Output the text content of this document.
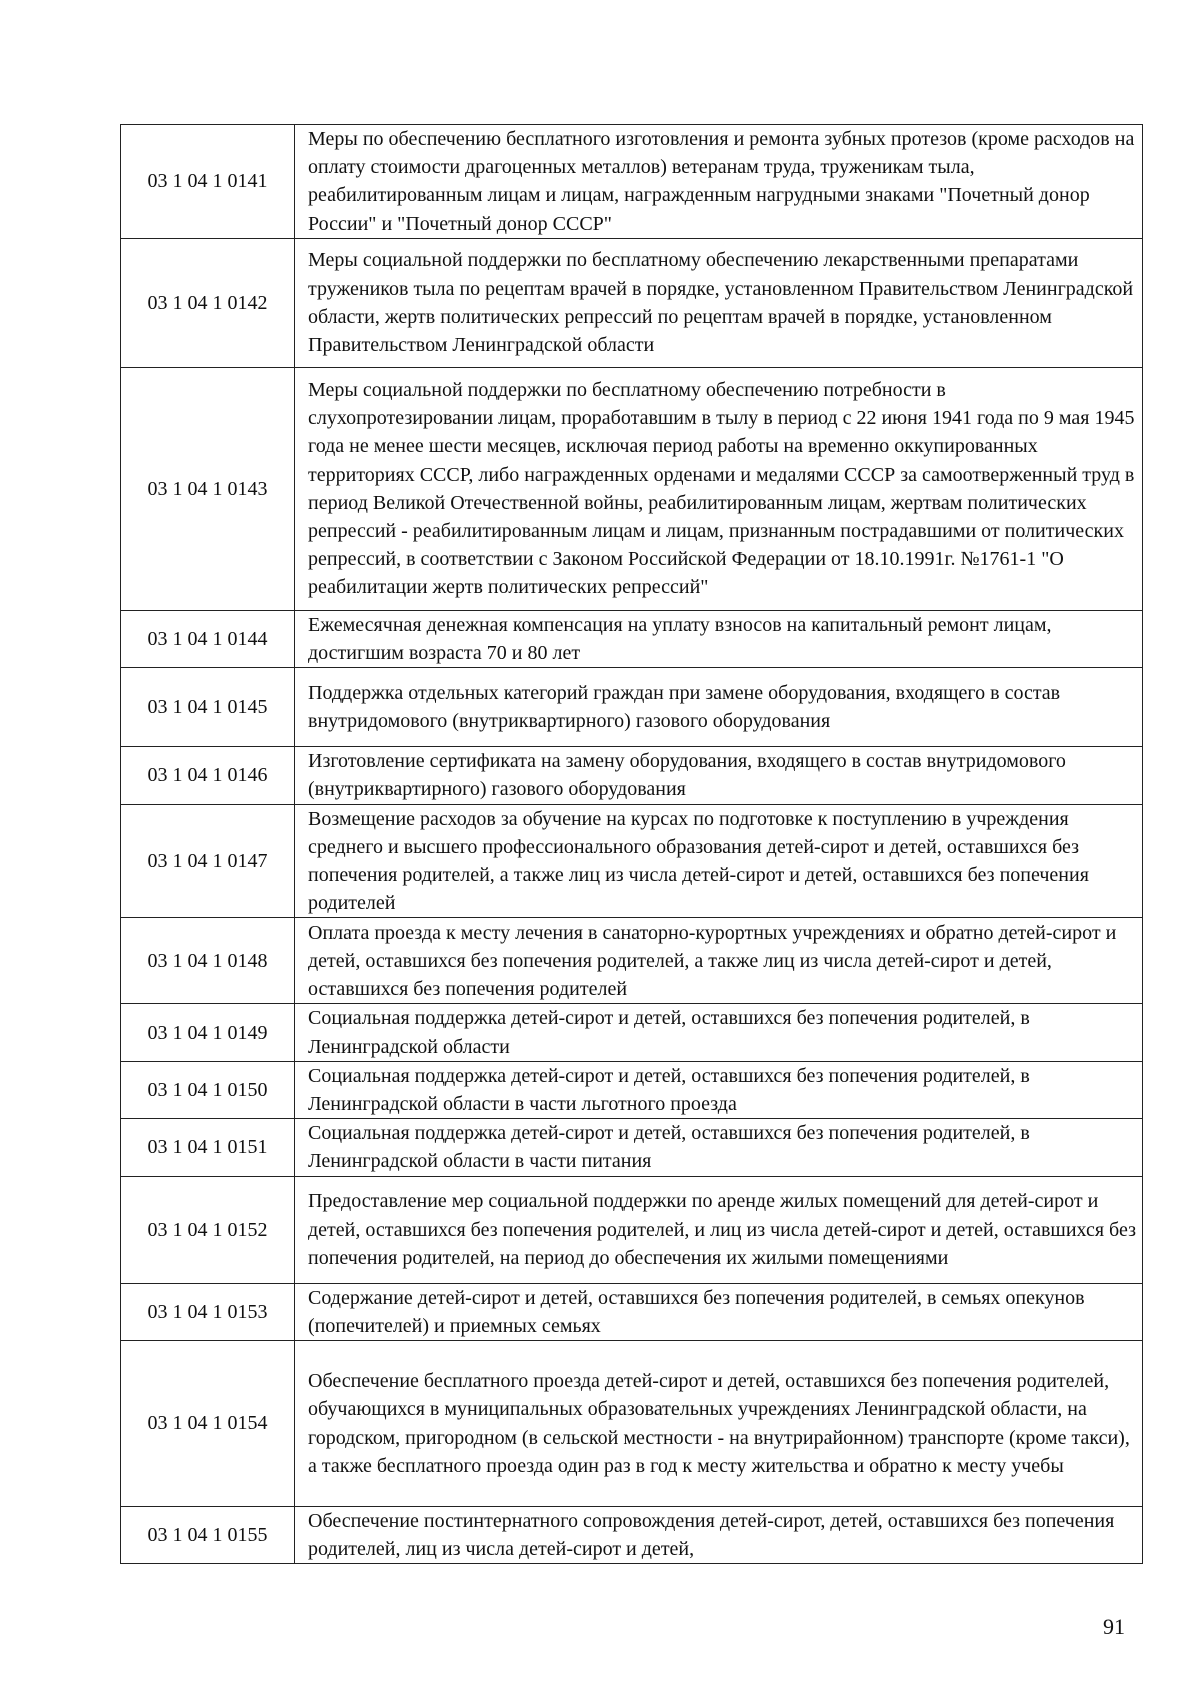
03 1 04 1 0141	Меры по обеспечению бесплатного изготовления и ремонта зубных протезов (кроме расходов на оплату стоимости драгоценных металлов) ветеранам труда, труженикам тыла, реабилитированным лицам и лицам, награжденным нагрудными знаками "Почетный донор России" и "Почетный донор СССР"
03 1 04 1 0142	Меры социальной поддержки по бесплатному обеспечению лекарственными препаратами тружеников тыла по рецептам врачей в порядке, установленном Правительством Ленинградской области, жертв политических репрессий по рецептам врачей в порядке, установленном Правительством Ленинградской области
03 1 04 1 0143	Меры социальной поддержки по бесплатному обеспечению потребности в слухопротезировании лицам, проработавшим в тылу в период с 22 июня 1941 года по 9 мая 1945 года не менее шести месяцев, исключая период работы на временно оккупированных территориях СССР, либо награжденных орденами и медалями СССР за самоотверженный труд в период Великой Отечественной войны, реабилитированным лицам, жертвам политических репрессий - реабилитированным лицам и лицам, признанным пострадавшими от политических репрессий, в соответствии с Законом Российской Федерации от 18.10.1991г. №1761-1 "О реабилитации жертв политических репрессий"
03 1 04 1 0144	Ежемесячная денежная компенсация на уплату взносов на капитальный ремонт лицам, достигшим возраста 70 и 80 лет
03 1 04 1 0145	Поддержка отдельных категорий граждан при замене оборудования, входящего в состав внутридомового (внутриквартирного) газового оборудования
03 1 04 1 0146	Изготовление сертификата на замену оборудования, входящего в состав внутридомового (внутриквартирного) газового оборудования
03 1 04 1 0147	Возмещение расходов за обучение на курсах по подготовке к поступлению в учреждения среднего и высшего профессионального образования детей-сирот и детей, оставшихся без попечения родителей, а также лиц из числа детей-сирот и детей, оставшихся без попечения родителей
03 1 04 1 0148	Оплата проезда к месту лечения в санаторно-курортных учреждениях и обратно детей-сирот и детей, оставшихся без попечения родителей, а также лиц из числа детей-сирот и детей, оставшихся без попечения родителей
03 1 04 1 0149	Социальная поддержка детей-сирот и детей, оставшихся без попечения родителей, в Ленинградской области
03 1 04 1 0150	Социальная поддержка детей-сирот и детей, оставшихся без попечения родителей, в Ленинградской области в части льготного проезда
03 1 04 1 0151	Социальная поддержка детей-сирот и детей, оставшихся без попечения родителей, в Ленинградской области в части питания
03 1 04 1 0152	Предоставление мер социальной поддержки по аренде жилых помещений для детей-сирот и детей, оставшихся без попечения родителей, и лиц из числа детей-сирот и детей, оставшихся без попечения родителей, на период до обеспечения их жилыми помещениями
03 1 04 1 0153	Содержание детей-сирот и детей, оставшихся без попечения родителей, в семьях опекунов (попечителей) и приемных семьях
03 1 04 1 0154	Обеспечение бесплатного проезда детей-сирот и детей, оставшихся без попечения родителей, обучающихся в муниципальных образовательных учреждениях Ленинградской области, на городском, пригородном (в сельской местности - на внутрирайонном) транспорте (кроме такси), а также бесплатного проезда один раз в год к месту жительства и обратно к месту учебы
03 1 04 1 0155	Обеспечение постинтернатного сопровождения детей-сирот, детей, оставшихся без попечения родителей, лиц из числа детей-сирот и детей,
91
